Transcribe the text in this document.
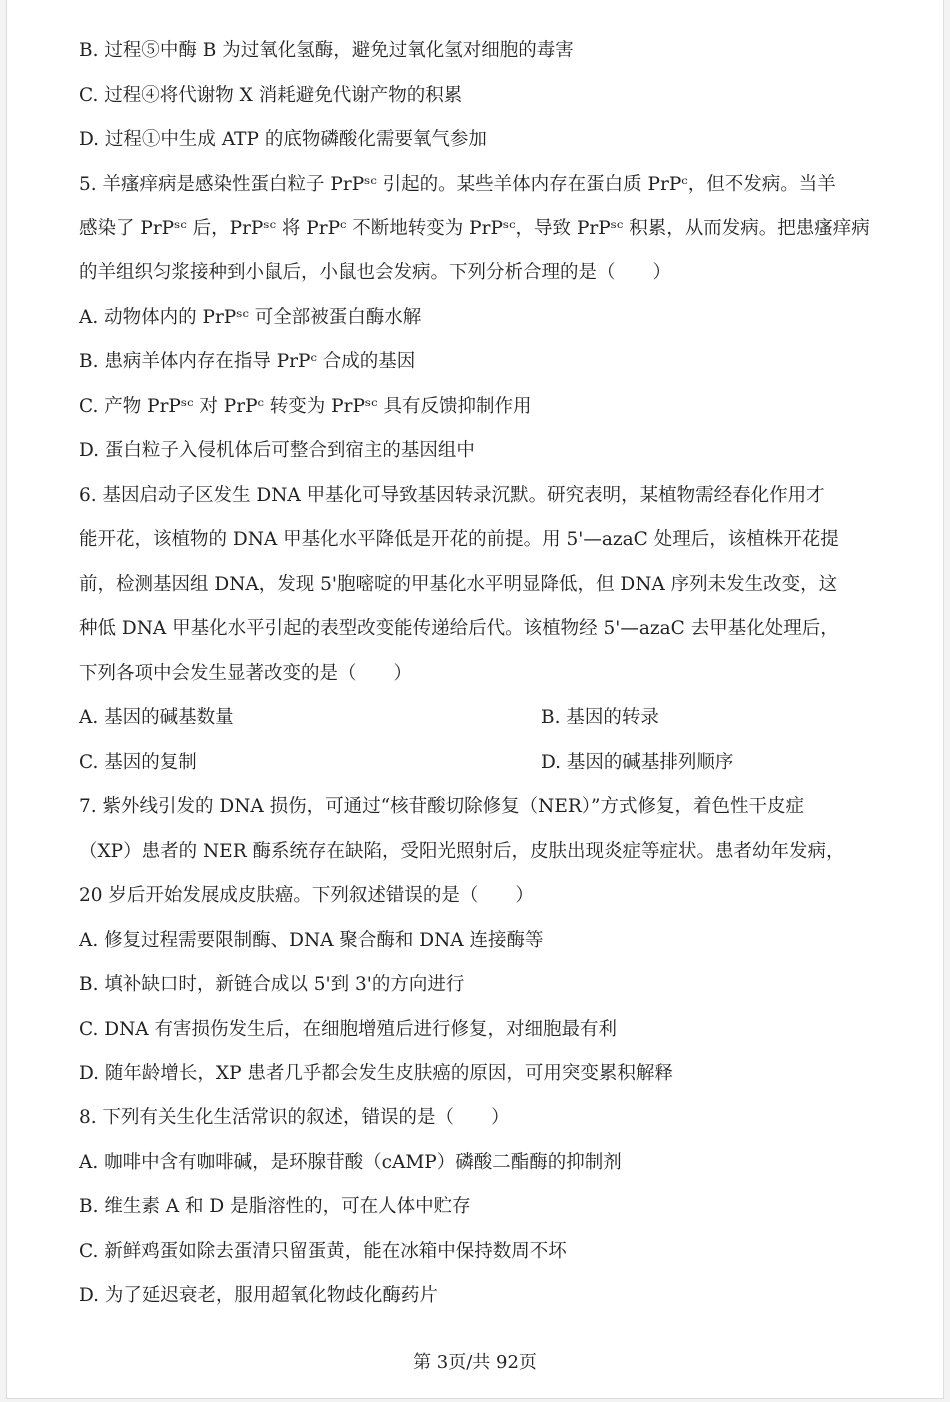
B. 过程⑤中酶 B 为过氧化氢酶，避免过氧化氢对细胞的毒害
C. 过程④将代谢物 X 消耗避免代谢产物的积累
D. 过程①中生成 ATP 的底物磷酸化需要氧气参加
5. 羊瘙痒病是感染性蛋白粒子 PrPˢᶜ 引起的。某些羊体内存在蛋白质 PrPᶜ，但不发病。当羊
感染了 PrPˢᶜ 后，PrPˢᶜ 将 PrPᶜ 不断地转变为 PrPˢᶜ，导致 PrPˢᶜ 积累，从而发病。把患瘙痒病
的羊组织匀浆接种到小鼠后，小鼠也会发病。下列分析合理的是（　　）
A. 动物体内的 PrPˢᶜ 可全部被蛋白酶水解
B. 患病羊体内存在指导 PrPᶜ 合成的基因
C. 产物 PrPˢᶜ 对 PrPᶜ 转变为 PrPˢᶜ 具有反馈抑制作用
D. 蛋白粒子入侵机体后可整合到宿主的基因组中
6. 基因启动子区发生 DNA 甲基化可导致基因转录沉默。研究表明，某植物需经春化作用才
能开花，该植物的 DNA 甲基化水平降低是开花的前提。用 5'—azaC 处理后，该植株开花提
前，检测基因组 DNA，发现 5'胞嘧啶的甲基化水平明显降低，但 DNA 序列未发生改变，这
种低 DNA 甲基化水平引起的表型改变能传递给后代。该植物经 5'—azaC 去甲基化处理后，
下列各项中会发生显著改变的是（　　）
A. 基因的碱基数量	B. 基因的转录
C. 基因的复制	D. 基因的碱基排列顺序
7. 紫外线引发的 DNA 损伤，可通过“核苷酸切除修复（NER）”方式修复，着色性干皮症
（XP）患者的 NER 酶系统存在缺陷，受阳光照射后，皮肤出现炎症等症状。患者幼年发病，
20 岁后开始发展成皮肤癌。下列叙述错误的是（　　）
A. 修复过程需要限制酶、DNA 聚合酶和 DNA 连接酶等
B. 填补缺口时，新链合成以 5'到 3'的方向进行
C. DNA 有害损伤发生后，在细胞增殖后进行修复，对细胞最有利
D. 随年龄增长，XP 患者几乎都会发生皮肤癌的原因，可用突变累积解释
8. 下列有关生化生活常识的叙述，错误的是（　　）
A. 咖啡中含有咖啡碱，是环腺苷酸（cAMP）磷酸二酯酶的抑制剂
B. 维生素 A 和 D 是脂溶性的，可在人体中贮存
C. 新鲜鸡蛋如除去蛋清只留蛋黄，能在冰箱中保持数周不坏
D. 为了延迟衰老，服用超氧化物歧化酶药片
第 3页/共 92页
